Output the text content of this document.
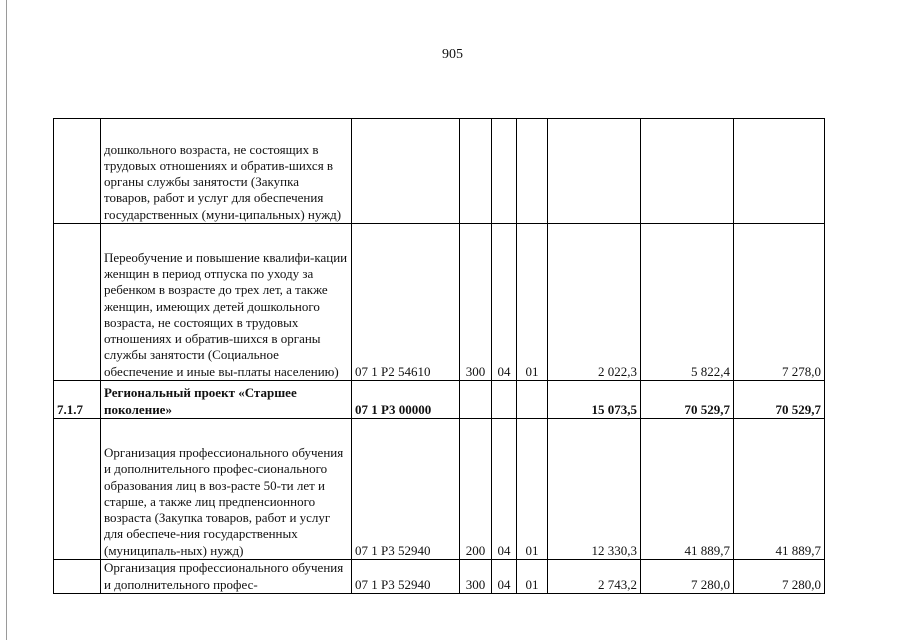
905
	дошкольного возраста, не состоящих в трудовых отношениях и обратив-шихся в органы службы занятости (Закупка товаров, работ и услуг для обеспечения государственных (муни-ципальных) нужд)							
	Переобучение и повышение квалифи-кации женщин в период отпуска по уходу за ребенком в возрасте до трех лет, а также женщин, имеющих детей дошкольного возраста, не состоящих в трудовых отношениях и обратив-шихся в органы службы занятости (Социальное обеспечение и иные вы-платы населению)	07 1 Р2 54610	300	04	01	2 022,3	5 822,4	7 278,0
7.1.7	Региональный проект «Старшее поколение»	07 1 Р3 00000				15 073,5	70 529,7	70 529,7
	Организация профессионального обучения и дополнительного профес-сионального образования лиц в воз-расте 50-ти лет и старше, а также лиц предпенсионного возраста (Закупка товаров, работ и услуг для обеспече-ния государственных (муниципаль-ных) нужд)	07 1 Р3 52940	200	04	01	12 330,3	41 889,7	41 889,7
	Организация профессионального обучения и дополнительного профес-	07 1 Р3 52940	300	04	01	2 743,2	7 280,0	7 280,0
